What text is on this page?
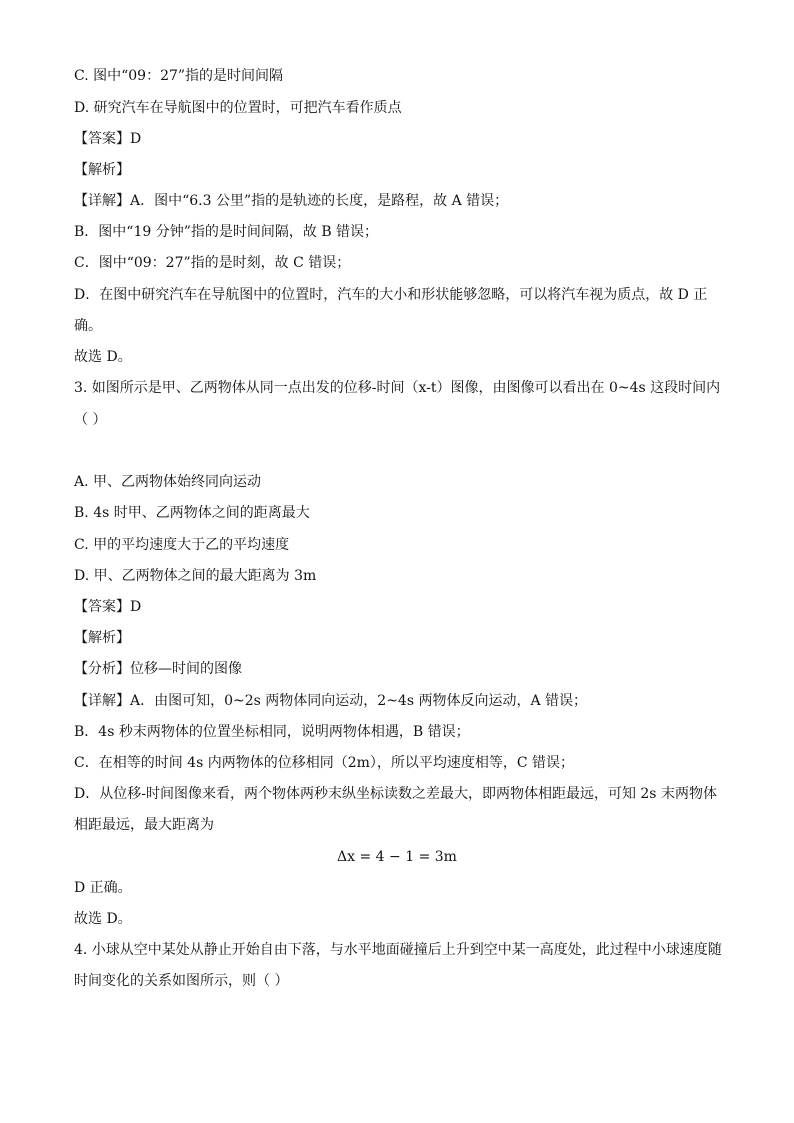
C. 图中“09：27”指的是时间间隔

D. 研究汽车在导航图中的位置时，可把汽车看作质点

【答案】D

【解析】

【详解】A．图中“6.3 公里”指的是轨迹的长度，是路程，故 A 错误；

B．图中“19 分钟”指的是时间间隔，故 B 错误；

C．图中“09：27”指的是时刻，故 C 错误；

D．在图中研究汽车在导航图中的位置时，汽车的大小和形状能够忽略，可以将汽车视为质点，故 D 正

确。

故选 D。

3. 如图所示是甲、乙两物体从同一点出发的位移-时间（x-t）图像，由图像可以看出在 0~4s 这段时间内

（ ）

A. 甲、乙两物体始终同向运动

B. 4s 时甲、乙两物体之间的距离最大

C. 甲的平均速度大于乙的平均速度

D. 甲、乙两物体之间的最大距离为 3m

【答案】D

【解析】

【分析】位移—时间的图像

【详解】A．由图可知，0~2s 两物体同向运动，2~4s 两物体反向运动，A 错误；

B．4s 秒末两物体的位置坐标相同，说明两物体相遇，B 错误；

C．在相等的时间 4s 内两物体的位移相同（2m），所以平均速度相等，C 错误；

D．从位移-时间图像来看，两个物体两秒末纵坐标读数之差最大，即两物体相距最远，可知 2s 末两物体

相距最远，最大距离为

Δx = 4 − 1 = 3m

D 正确。

故选 D。

4. 小球从空中某处从静止开始自由下落，与水平地面碰撞后上升到空中某一高度处，此过程中小球速度随

时间变化的关系如图所示，则（ ）
